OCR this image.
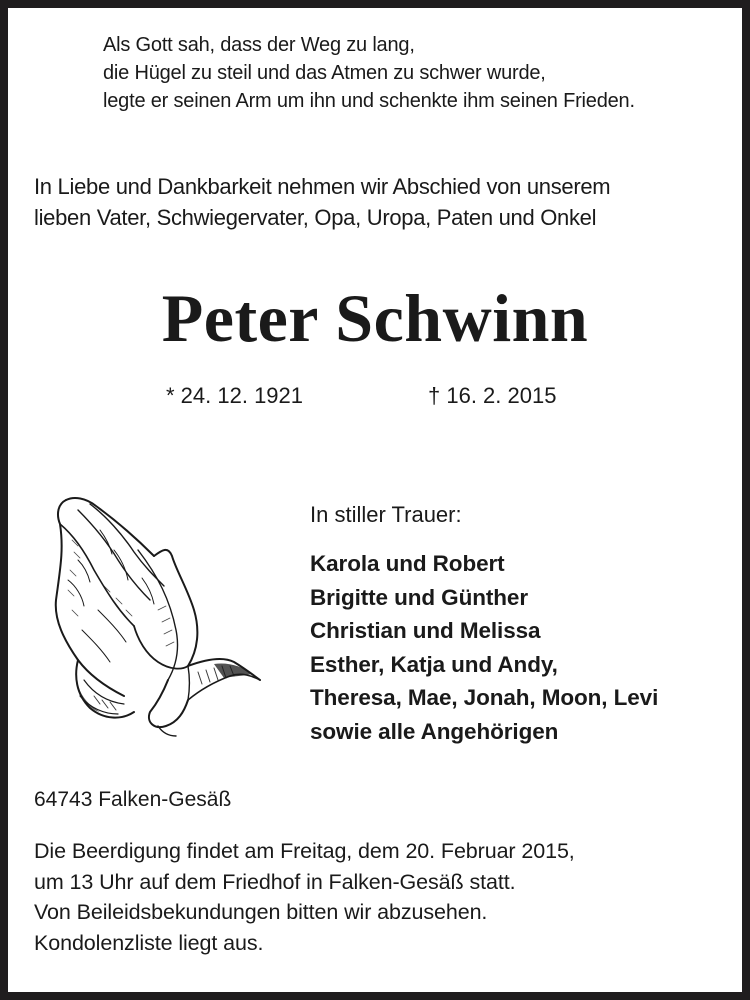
Als Gott sah, dass der Weg zu lang,
die Hügel zu steil und das Atmen zu schwer wurde,
legte er seinen Arm um ihn und schenkte ihm seinen Frieden.
In Liebe und Dankbarkeit nehmen wir Abschied von unserem
lieben Vater, Schwiegervater, Opa, Uropa, Paten und Onkel
Peter Schwinn
* 24. 12. 1921	† 16. 2. 2015
In stiller Trauer:
Karola und Robert
Brigitte und Günther
Christian und Melissa
Esther, Katja und Andy,
Theresa, Mae, Jonah, Moon, Levi
sowie alle Angehörigen
64743 Falken-Gesäß
Die Beerdigung findet am Freitag, dem 20. Februar 2015,
um 13 Uhr auf dem Friedhof in Falken-Gesäß statt.
Von Beileidsbekundungen bitten wir abzusehen.
Kondolenzliste liegt aus.
